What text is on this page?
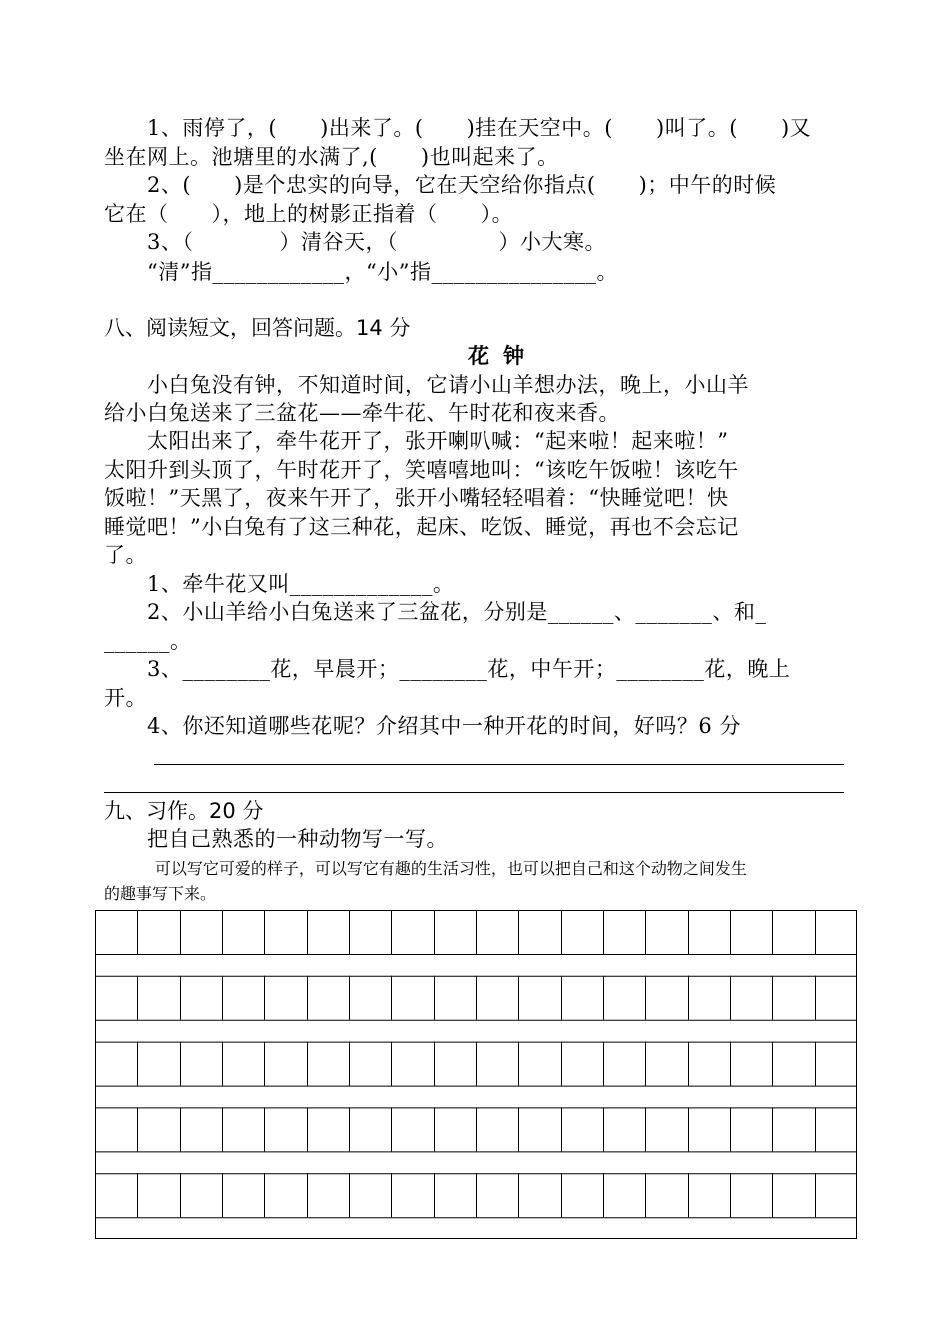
1、雨停了，(      )出来了。(      )挂在天空中。(      )叫了。(      )又
坐在网上。池塘里的水满了,(      )也叫起来了。
2、(      )是个忠实的向导，它在天空给你指点(      )；中午的时候
它在（      ），地上的树影正指着（      ）。
3、（            ）清谷天，（              ）小大寒。
“清”指____________，“小”指_______________。
八、阅读短文，回答问题。14 分
花钟
小白兔没有钟，不知道时间，它请小山羊想办法，晚上，小山羊
给小白兔送来了三盆花——牵牛花、午时花和夜来香。
太阳出来了，牵牛花开了，张开喇叭喊：“起来啦！起来啦！”
太阳升到头顶了，午时花开了，笑嘻嘻地叫：“该吃午饭啦！该吃午
饭啦！”天黑了，夜来午开了，张开小嘴轻轻唱着：“快睡觉吧！快
睡觉吧！”小白兔有了这三种花，起床、吃饭、睡觉，再也不会忘记
了。
1、牵牛花又叫_____________。
2、小山羊给小白兔送来了三盆花，分别是______、_______、和_
______。
3、________花，早晨开；________花，中午开；________花，晚上
开。
4、你还知道哪些花呢？介绍其中一种开花的时间，好吗？6 分
九、习作。20 分
把自己熟悉的一种动物写一写。
可以写它可爱的样子，可以写它有趣的生活习性，也可以把自己和这个动物之间发生
的趣事写下来。
